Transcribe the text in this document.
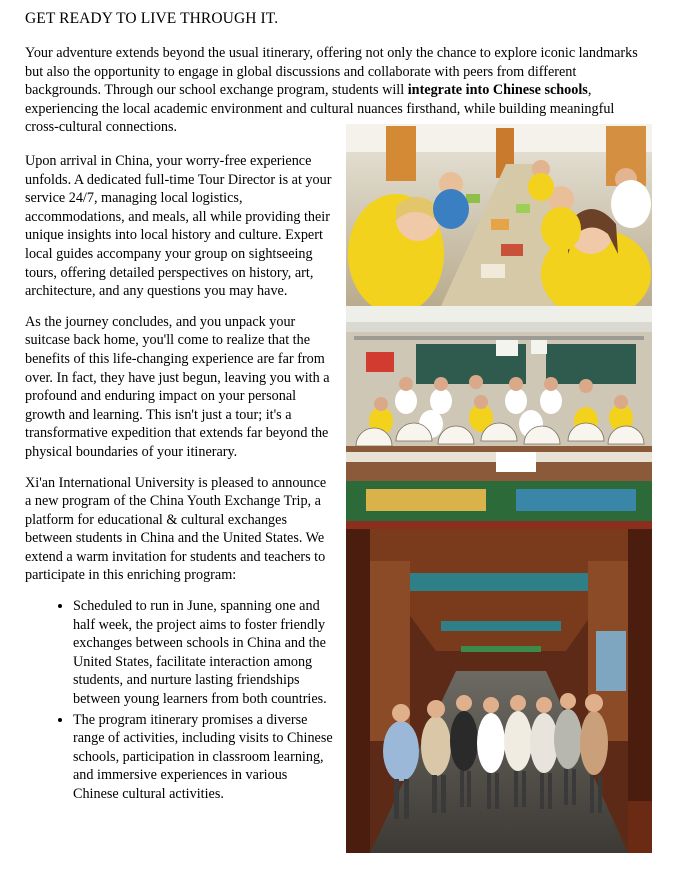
GET READY TO LIVE THROUGH IT.

Your adventure extends beyond the usual itinerary, offering not only the chance to explore iconic landmarks but also the opportunity to engage in global discussions and collaborate with peers from different backgrounds. Through our school exchange program, students will integrate into Chinese schools, experiencing the local academic environment and cultural nuances firsthand, while building meaningful cross-cultural connections.

Upon arrival in China, your worry-free experience unfolds. A dedicated full-time Tour Director is at your service 24/7, managing local logistics, accommodations, and meals, all while providing their unique insights into local history and culture. Expert local guides accompany your group on sightseeing tours, offering detailed perspectives on history, art, architecture, and any questions you may have.

As the journey concludes, and you unpack your suitcase back home, you'll come to realize that the benefits of this life-changing experience are far from over. In fact, they have just begun, leaving you with a profound and enduring impact on your personal growth and learning. This isn't just a tour; it's a transformative expedition that extends far beyond the physical boundaries of your itinerary.

Xi'an International University is pleased to announce a new program of the China Youth Exchange Trip, a platform for educational & cultural exchanges between students in China and the United States. We extend a warm invitation for students and teachers to participate in this enriching program:

• Scheduled to run in June, spanning one and half week, the project aims to foster friendly exchanges between schools in China and the United States, facilitate interaction among students, and nurture lasting friendships between young learners from both countries.
• The program itinerary promises a diverse range of activities, including visits to Chinese schools, participation in classroom learning, and immersive experiences in various Chinese cultural activities.
